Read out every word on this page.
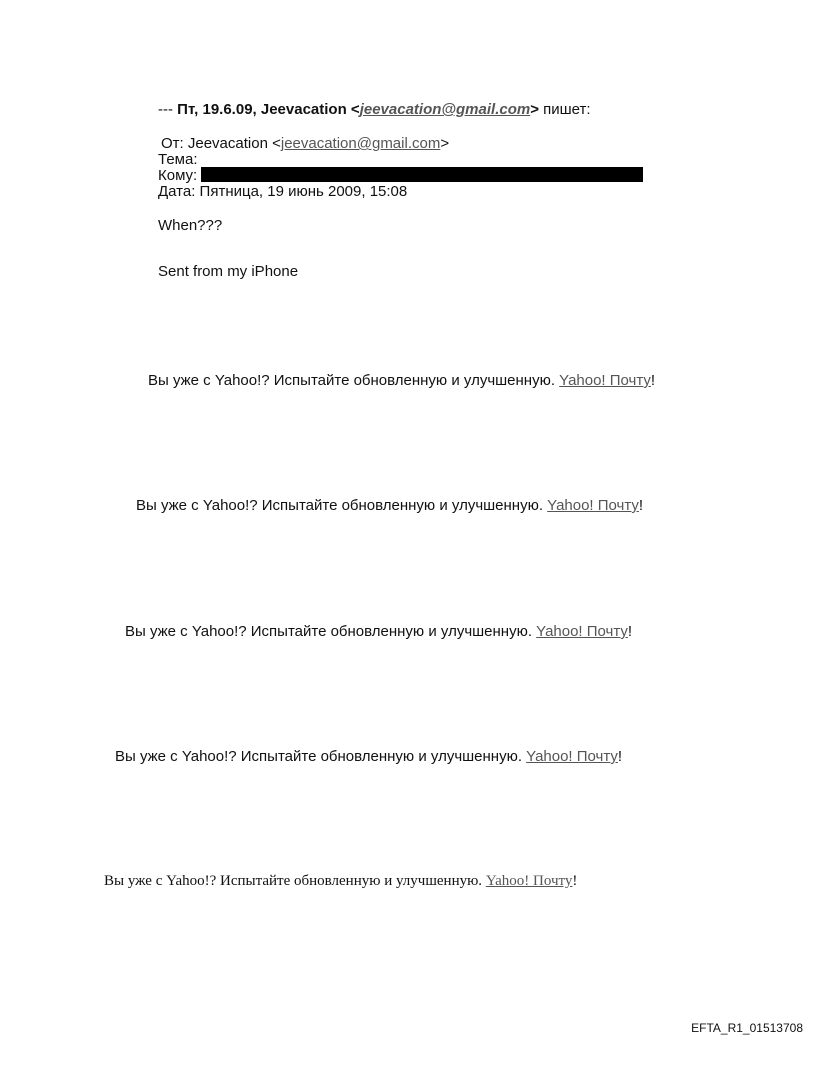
--- Пт, 19.6.09, Jeevacation <jeevacation@gmail.com> пишет:
От: Jeevacation <jeevacation@gmail.com>
Тема:
Кому:
Дата: Пятница, 19 июнь 2009, 15:08
When???
Sent from my iPhone
Вы уже с Yahoo!? Испытайте обновленную и улучшенную. Yahoo! Почту!
Вы уже с Yahoo!? Испытайте обновленную и улучшенную. Yahoo! Почту!
Вы уже с Yahoo!? Испытайте обновленную и улучшенную. Yahoo! Почту!
Вы уже с Yahoo!? Испытайте обновленную и улучшенную. Yahoo! Почту!
Вы уже с Yahoo!? Испытайте обновленную и улучшенную. Yahoo! Почту!
EFTA_R1_01513708
